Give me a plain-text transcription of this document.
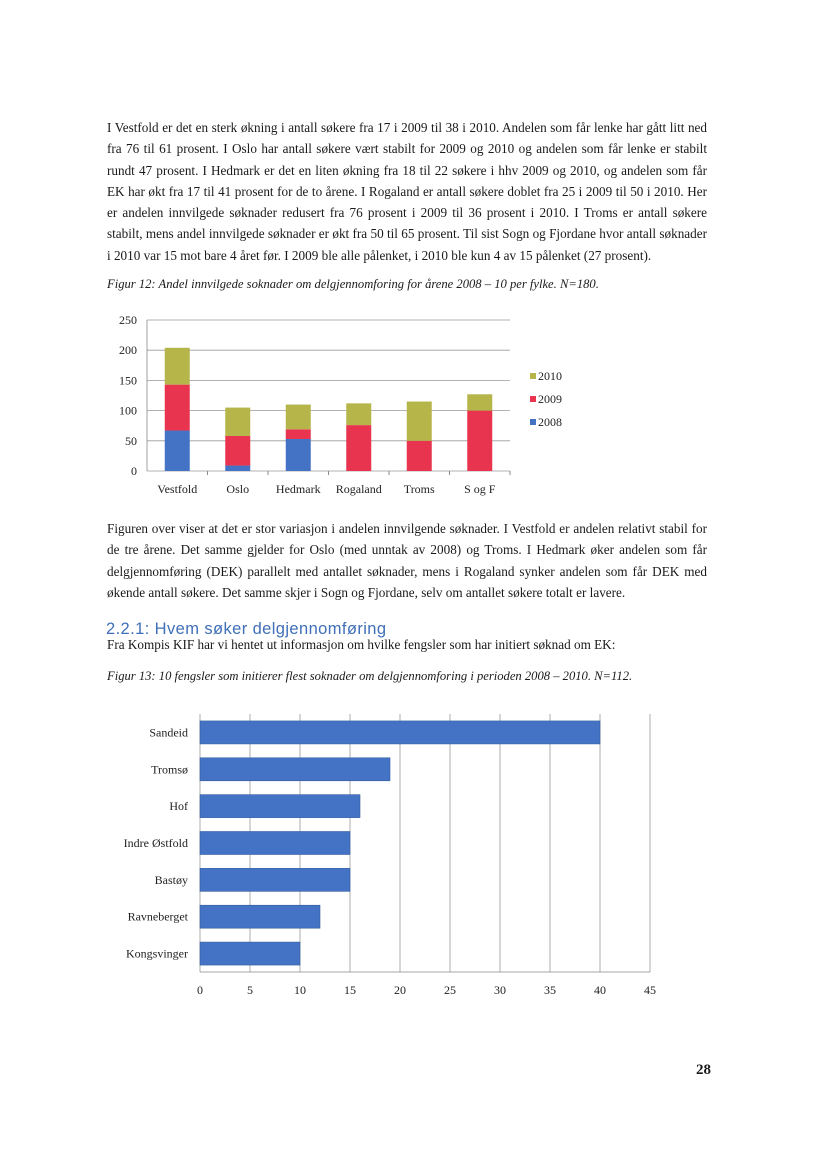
I Vestfold er det en sterk økning i antall søkere fra 17 i 2009 til 38 i 2010. Andelen som får lenke har gått litt ned fra 76 til 61 prosent. I Oslo har antall søkere vært stabilt for 2009 og 2010 og andelen som får lenke er stabilt rundt 47 prosent. I Hedmark er det en liten økning fra 18 til 22 søkere i hhv 2009 og 2010, og andelen som får EK har økt fra 17 til 41 prosent for de to årene. I Rogaland er antall søkere doblet fra 25 i 2009 til 50 i 2010. Her er andelen innvilgede søknader redusert fra 76 prosent i 2009 til 36 prosent i 2010. I Troms er antall søkere stabilt, mens andel innvilgede søknader er økt fra 50 til 65 prosent. Til sist Sogn og Fjordane hvor antall søknader i 2010 var 15 mot bare 4 året før. I 2009 ble alle pålenket, i 2010 ble kun 4 av 15 pålenket (27 prosent).

Figur 12: Andel innvilgede soknader om delgjennomforing for årene 2008 – 10 per fylke. N=180.

0
50
100
150
200
250
Vestfold Oslo Hedmark Rogaland Troms S og F
2010
2009
2008

Figuren over viser at det er stor variasjon i andelen innvilgende søknader. I Vestfold er andelen relativt stabil for de tre årene. Det samme gjelder for Oslo (med unntak av 2008) og Troms. I Hedmark øker andelen som får delgjennomføring (DEK) parallelt med antallet søknader, mens i Rogaland synker andelen som får DEK med økende antall søkere. Det samme skjer i Sogn og Fjordane, selv om antallet søkere totalt er lavere.

2.2.1: Hvem søker delgjennomføring

Fra Kompis KIF har vi hentet ut informasjon om hvilke fengsler som har initiert søknad om EK:

Figur 13: 10 fengsler som initierer flest soknader om delgjennomforing i perioden 2008 – 2010. N=112.

0	5	10	15	20	25	30	35	40	45
Sandeid
Tromsø
Hof
Indre Østfold
Bastøy
Ravneberget
Kongsvinger

28
